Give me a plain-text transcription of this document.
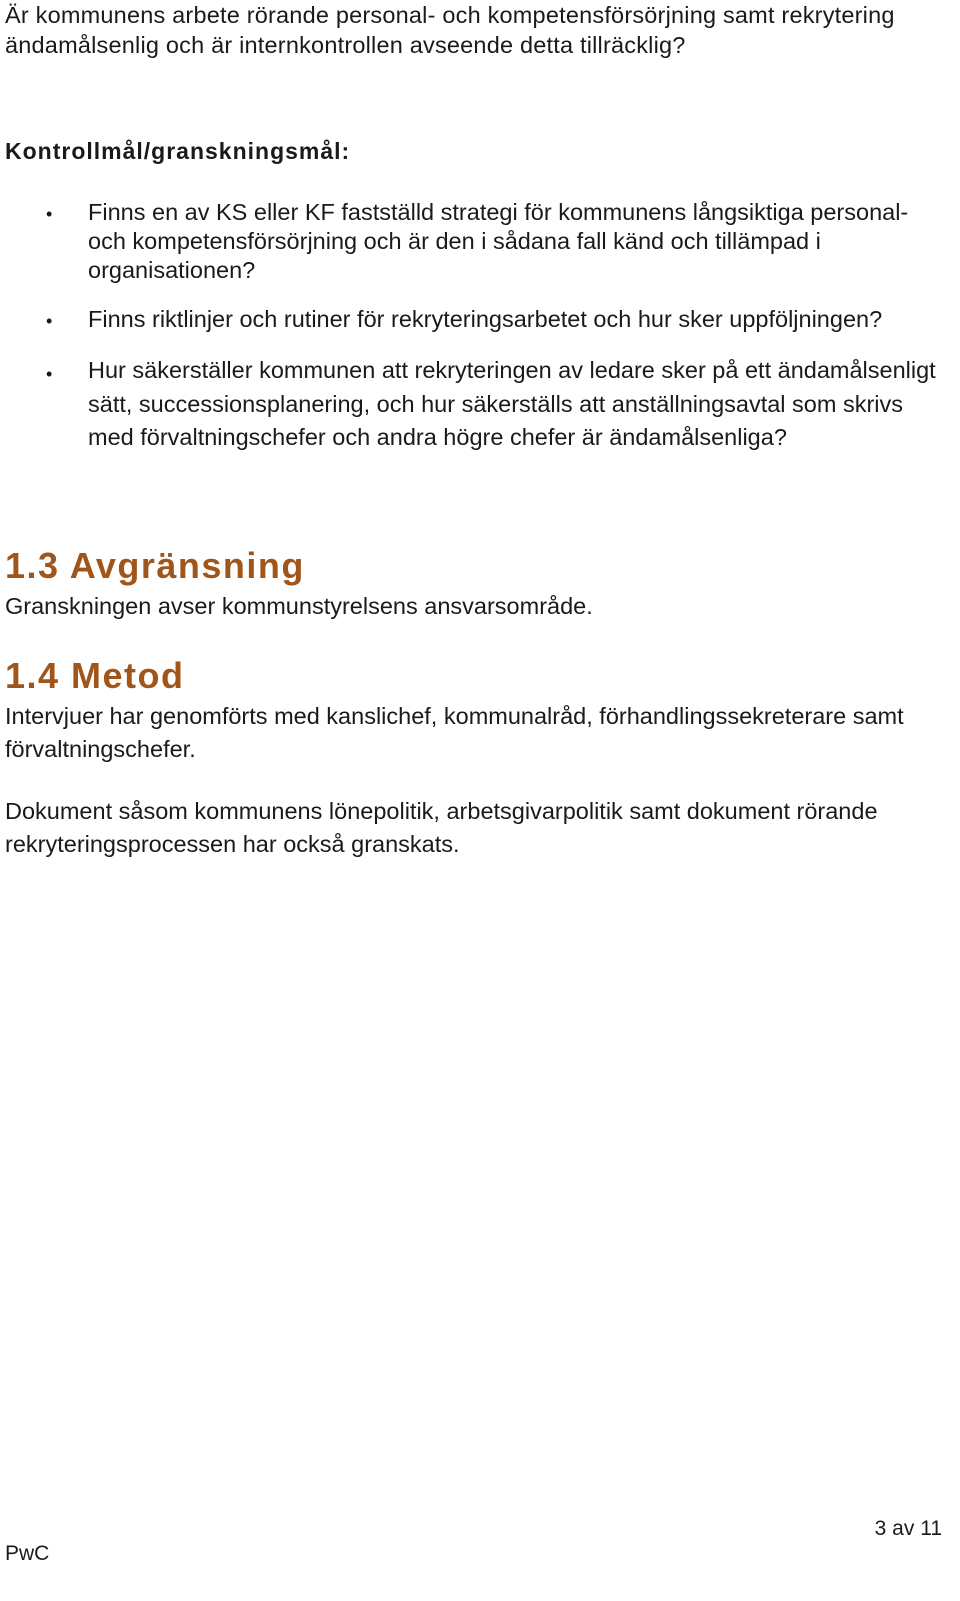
Är kommunens arbete rörande personal- och kompetensförsörjning samt rekrytering ändamålsenlig och är internkontrollen avseende detta tillräcklig?

Kontrollmål/granskningsmål:

• Finns en av KS eller KF fastställd strategi för kommunens långsiktiga personal- och kompetensförsörjning och är den i sådana fall känd och tillämpad i organisationen?
• Finns riktlinjer och rutiner för rekryteringsarbetet och hur sker uppföljningen?
• Hur säkerställer kommunen att rekryteringen av ledare sker på ett ändamålsenligt sätt, successionsplanering, och hur säkerställs att anställningsavtal som skrivs med förvaltningschefer och andra högre chefer är ändamålsenliga?
1.3 Avgränsning

Granskningen avser kommunstyrelsens ansvarsområde.

1.4 Metod

Intervjuer har genomförts med kanslichef, kommunalråd, förhandlingssekreterare samt förvaltningschefer.

Dokument såsom kommunens lönepolitik, arbetsgivarpolitik samt dokument rörande rekryteringsprocessen har också granskats.

3 av 11

PwC
